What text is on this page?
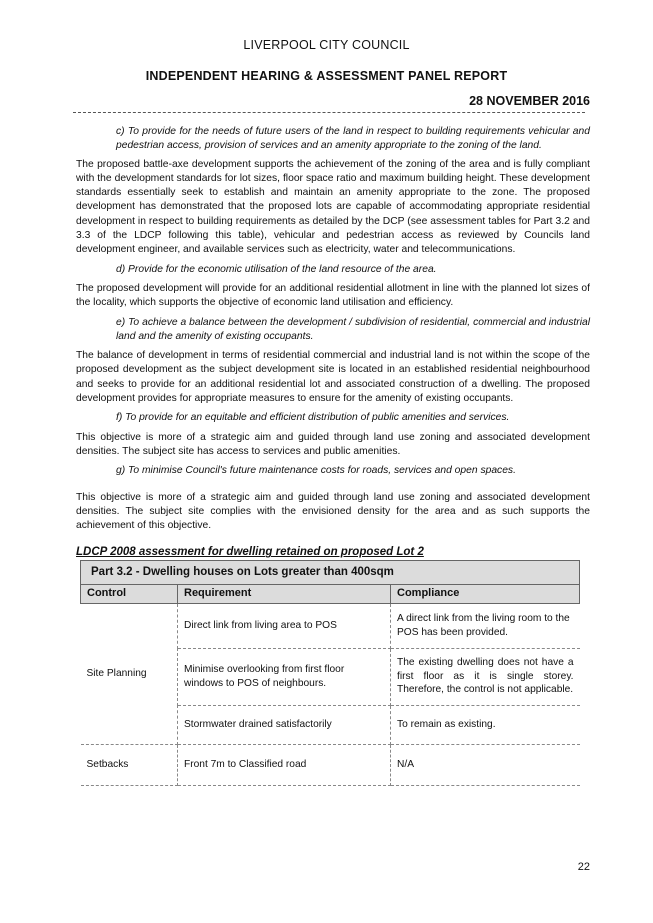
LIVERPOOL CITY COUNCIL
INDEPENDENT HEARING & ASSESSMENT PANEL REPORT
28 NOVEMBER 2016

c) To provide for the needs of future users of the land in respect to building requirements vehicular and pedestrian access, provision of services and an amenity appropriate to the zoning of the land.

The proposed battle-axe development supports the achievement of the zoning of the area and is fully compliant with the development standards for lot sizes, floor space ratio and maximum building height. These development standards essentially seek to establish and maintain an amenity appropriate to the zone. The proposed development has demonstrated that the proposed lots are capable of accommodating appropriate residential development in respect to building requirements as detailed by the DCP (see assessment tables for Part 3.2 and 3.3 of the LDCP following this table), vehicular and pedestrian access as reviewed by Councils land development engineer, and available services such as electricity, water and telecommunications.

d) Provide for the economic utilisation of the land resource of the area.

The proposed development will provide for an additional residential allotment in line with the planned lot sizes of the locality, which supports the objective of economic land utilisation and efficiency.

e) To achieve a balance between the development / subdivision of residential, commercial and industrial land and the amenity of existing occupants.

The balance of development in terms of residential commercial and industrial land is not within the scope of the proposed development as the subject development site is located in an established residential neighbourhood and seeks to provide for an additional residential lot and associated construction of a dwelling. The proposed development provides for appropriate measures to ensure for the amenity of existing occupants.

f) To provide for an equitable and efficient distribution of public amenities and services.

This objective is more of a strategic aim and guided through land use zoning and associated development densities. The subject site has access to services and public amenities.

g) To minimise Council's future maintenance costs for roads, services and open spaces.

This objective is more of a strategic aim and guided through land use zoning and associated development densities. The subject site complies with the envisioned density for the area and as such supports the achievement of this objective.

LDCP 2008 assessment for dwelling retained on proposed Lot 2
Part 3.2 - Dwelling houses on Lots greater than 400sqm		
Control	Requirement	Compliance
Site Planning	Direct link from living area to POS	A direct link from the living room to the POS has been provided.
	Minimise overlooking from first floor windows to POS of neighbours.	The existing dwelling does not have a first floor as it is single storey. Therefore, the control is not applicable.
	Stormwater drained satisfactorily	To remain as existing.
Setbacks	Front 7m to Classified road	N/A
22
